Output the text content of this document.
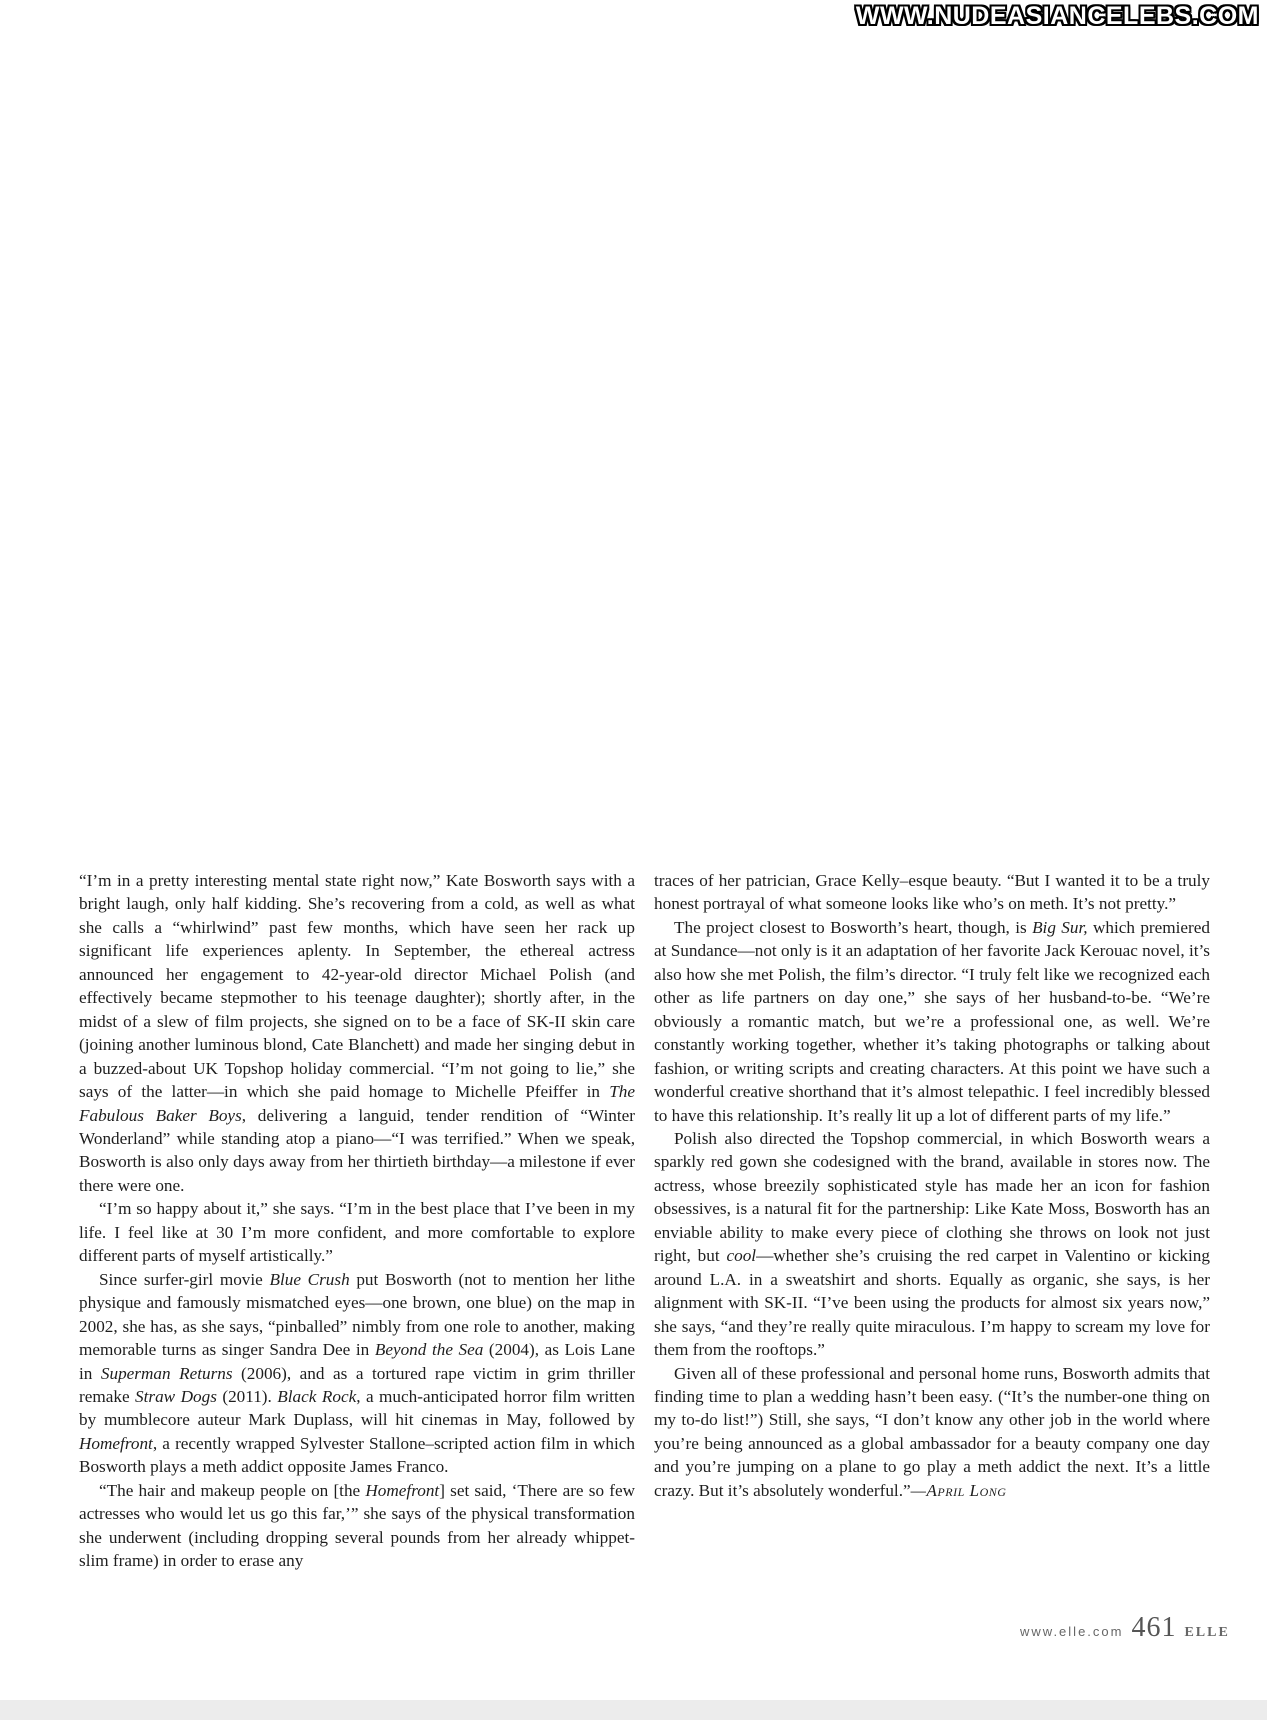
WWW.NUDEASIANCELEBS.COM

“I’m in a pretty interesting mental state right now,” Kate Bosworth says with a bright laugh, only half kidding. She’s recovering from a cold, as well as what she calls a “whirlwind” past few months, which have seen her rack up significant life experiences aplenty. In September, the ethereal actress announced her engagement to 42-year-old director Michael Polish (and effectively became stepmother to his teenage daughter); shortly after, in the midst of a slew of film projects, she signed on to be a face of SK-II skin care (joining another luminous blond, Cate Blanchett) and made her singing debut in a buzzed-about UK Topshop holiday commercial. “I’m not going to lie,” she says of the latter—in which she paid homage to Michelle Pfeiffer in The Fabulous Baker Boys, delivering a languid, tender rendition of “Winter Wonderland” while standing atop a piano—“I was terrified.” When we speak, Bosworth is also only days away from her thirtieth birthday—a milestone if ever there were one.

“I’m so happy about it,” she says. “I’m in the best place that I’ve been in my life. I feel like at 30 I’m more confident, and more comfortable to explore different parts of myself artistically.”

Since surfer-girl movie Blue Crush put Bosworth (not to mention her lithe physique and famously mismatched eyes—one brown, one blue) on the map in 2002, she has, as she says, “pinballed” nimbly from one role to another, making memorable turns as singer Sandra Dee in Beyond the Sea (2004), as Lois Lane in Superman Returns (2006), and as a tortured rape victim in grim thriller remake Straw Dogs (2011). Black Rock, a much-anticipated horror film written by mumblecore auteur Mark Duplass, will hit cinemas in May, followed by Homefront, a recently wrapped Sylvester Stallone–scripted action film in which Bosworth plays a meth addict opposite James Franco.

“The hair and makeup people on [the Homefront] set said, ‘There are so few actresses who would let us go this far,’” she says of the physical transformation she underwent (including dropping several pounds from her already whippet-slim frame) in order to erase any

traces of her patrician, Grace Kelly–esque beauty. “But I wanted it to be a truly honest portrayal of what someone looks like who’s on meth. It’s not pretty.”

The project closest to Bosworth’s heart, though, is Big Sur, which premiered at Sundance—not only is it an adaptation of her favorite Jack Kerouac novel, it’s also how she met Polish, the film’s director. “I truly felt like we recognized each other as life partners on day one,” she says of her husband-to-be. “We’re obviously a romantic match, but we’re a professional one, as well. We’re constantly working together, whether it’s taking photographs or talking about fashion, or writing scripts and creating characters. At this point we have such a wonderful creative shorthand that it’s almost telepathic. I feel incredibly blessed to have this relationship. It’s really lit up a lot of different parts of my life.”

Polish also directed the Topshop commercial, in which Bosworth wears a sparkly red gown she codesigned with the brand, available in stores now. The actress, whose breezily sophisticated style has made her an icon for fashion obsessives, is a natural fit for the partnership: Like Kate Moss, Bosworth has an enviable ability to make every piece of clothing she throws on look not just right, but cool—whether she’s cruising the red carpet in Valentino or kicking around L.A. in a sweatshirt and shorts. Equally as organic, she says, is her alignment with SK-II. “I’ve been using the products for almost six years now,” she says, “and they’re really quite miraculous. I’m happy to scream my love for them from the rooftops.”

Given all of these professional and personal home runs, Bosworth admits that finding time to plan a wedding hasn’t been easy. (“It’s the number-one thing on my to-do list!”) Still, she says, “I don’t know any other job in the world where you’re being announced as a global ambassador for a beauty company one day and you’re jumping on a plane to go play a meth addict the next. It’s a little crazy. But it’s absolutely wonderful.”—April Long

www.elle.com 461 ELLE
